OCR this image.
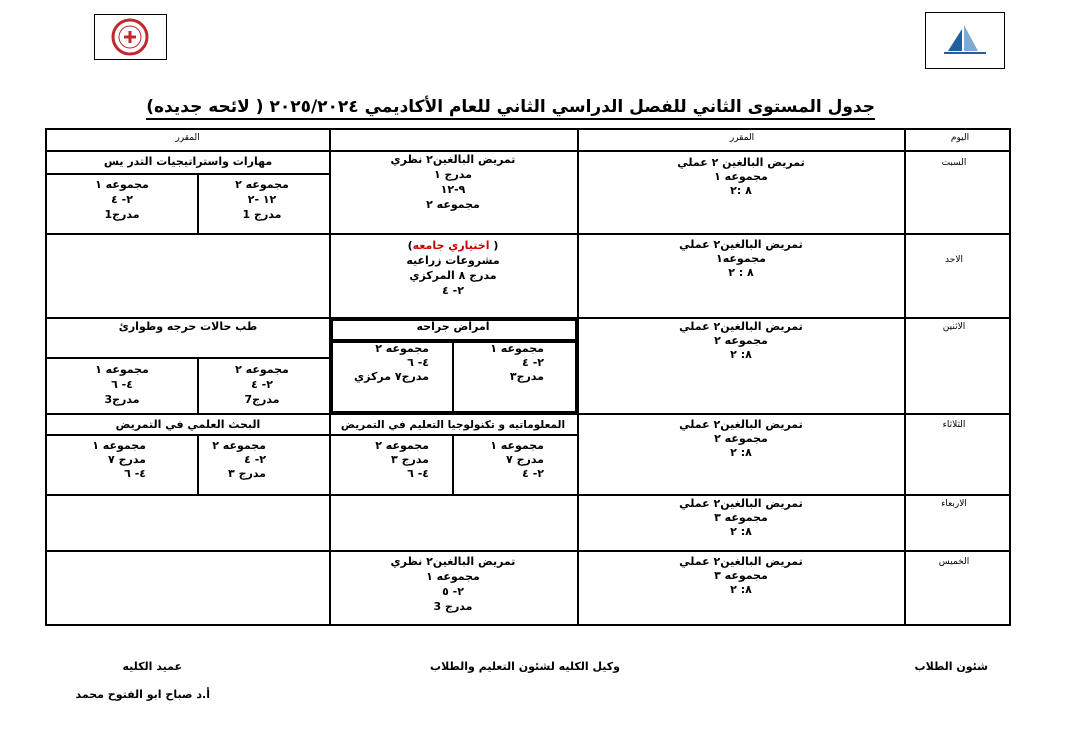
جدول المستوى الثاني للفصل الدراسي الثاني للعام الأكاديمي ٢٠٢٥/٢٠٢٤ ( لائحه جديده)
اليوم
المقرر
المقرر
السبت
الاحد
الاثنين
الثلاثاء
الاربعاء
الخميس
تمريض البالغين ٢ عملي
مجموعه ١
٨ :٢
تمريض البالغين٢ نظري
مدرج ١
٩-١٢
مجموعه ٢
مهارات واستراتيجيات التدر يس
مجموعه ٢
١٢ -٢
مدرج 1
مجموعه ١
٢- ٤
مدرج1
تمريض البالغين٢ عملي
مجموعه١
٨ : ٢
( اختياري جامعه)
مشروعات زراعيه
مدرج ٨ المركزي
٢- ٤
تمريض البالغين٢ عملي
مجموعه ٢
٨: ٢
امراض جراحه
مجموعه ١
٢- ٤
مدرج٣
مجموعه ٢
٤- ٦
مدرج٧ مركزي
طب حالات حرجه وطوارئ
مجموعه ٢
٢- ٤
مدرج7
مجموعه ١
٤- ٦
مدرج3
تمريض البالغين٢ عملي
مجموعه ٢
٨: ٢
المعلوماتيه و تكنولوجيا التعليم في التمريض
مجموعه ١
مدرج ٧
٢- ٤
مجموعه ٢
مدرج ٣
٤- ٦
البحث العلمي في التمريض
مجموعه ٢
٢- ٤
مدرج ٣
مجموعه ١
مدرج ٧
٤- ٦
تمريض البالغين٢ عملي
مجموعه ٣
٨: ٢
تمريض البالغين٢ عملي
مجموعه ٣
٨: ٢
تمريض البالغين٢ نظري
مجموعه ١
٢- ٥
مدرج 3
شئون الطلاب
وكيل الكليه لشئون التعليم والطلاب
عميد الكليه
أ.د صباح ابو الفتوح محمد
